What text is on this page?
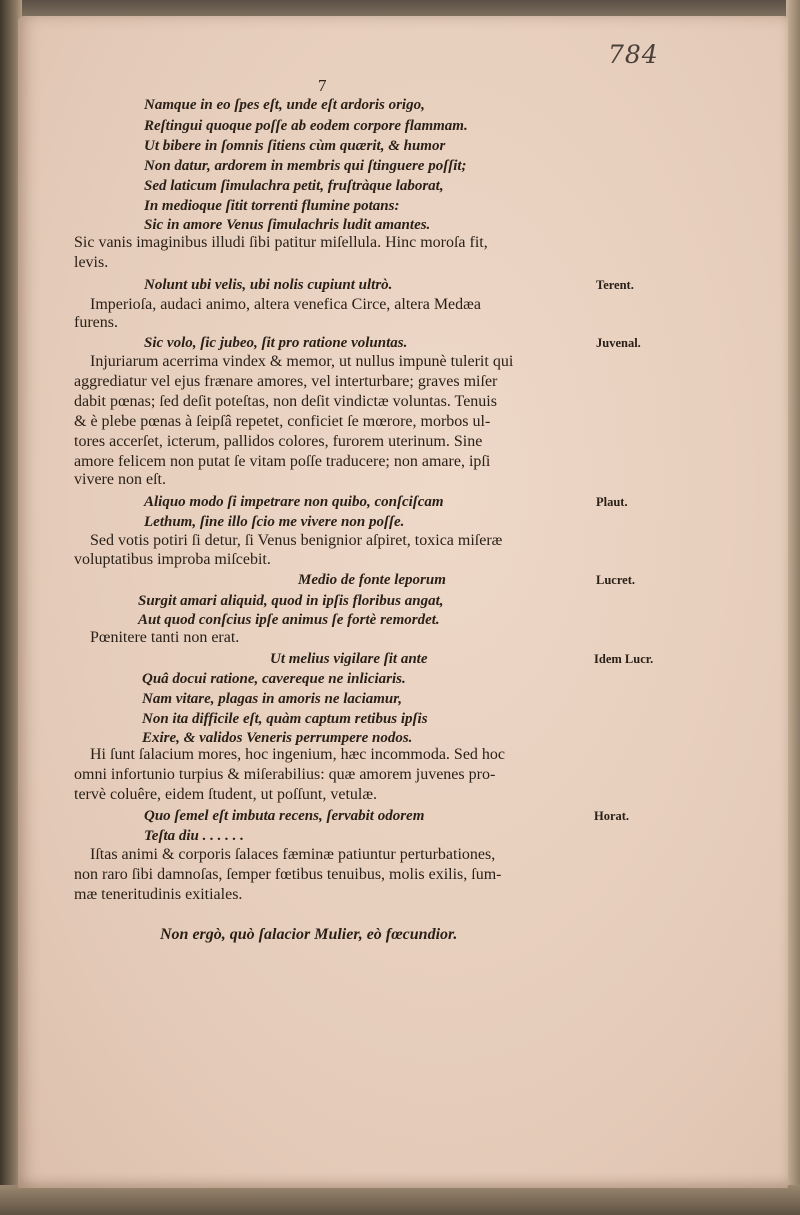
784
7
Namque in eo ſpes eſt, unde eſt ardoris origo,
Reſtingui quoque poſſe ab eodem corpore flammam.
Ut bibere in ſomnis ſitiens cùm quærit, & humor
Non datur, ardorem in membris qui ſtinguere poſſit;
Sed laticum ſimulachra petit, fruſtràque laborat,
In medioque ſitit torrenti flumine potans:
Sic in amore Venus ſimulachris ludit amantes.
Sic vanis imaginibus illudi ſibi patitur miſellula. Hinc moroſa fit,
levis.
Nolunt ubi velis, ubi nolis cupiunt ultrò.	Terent.
Imperioſa, audaci animo, altera venefica Circe, altera Medæa
furens.
Sic volo, ſic jubeo, ſit pro ratione voluntas.	Juvenal.
Injuriarum acerrima vindex & memor, ut nullus impunè tulerit qui
aggrediatur vel ejus frænare amores, vel interturbare; graves miſer
dabit pœnas; ſed deſit poteſtas, non deſit vindictæ voluntas. Tenuis
& è plebe pœnas à ſeipſâ repetet, conficiet ſe mœrore, morbos ul-
tores accerſet, icterum, pallidos colores, furorem uterinum. Sine
amore felicem non putat ſe vitam poſſe traducere; non amare, ipſi
vivere non eſt.
Aliquo modo ſi impetrare non quibo, conſciſcam	Plaut.
Lethum, ſine illo ſcio me vivere non poſſe.
Sed votis potiri ſi detur, ſi Venus benignior aſpiret, toxica miſeræ
voluptatibus improba miſcebit.
Medio de fonte leporum	Lucret.
Surgit amari aliquid, quod in ipſis floribus angat,
Aut quod conſcius ipſe animus ſe fortè remordet.
Pœnitere tanti non erat.
Ut melius vigilare ſit ante	Idem Lucr.
Quâ docui ratione, cavereque ne inliciaris.
Nam vitare, plagas in amoris ne laciamur,
Non ita difficile eſt, quàm captum retibus ipſis
Exire, & validos Veneris perrumpere nodos.
Hi ſunt ſalacium mores, hoc ingenium, hæc incommoda. Sed hoc
omni infortunio turpius & miſerabilius: quæ amorem juvenes pro-
tervè coluêre, eidem ſtudent, ut poſſunt, vetulæ.
Quo ſemel eſt imbuta recens, ſervabit odorem	Horat.
Teſta diu . . . . . .
Iſtas animi & corporis ſalaces fæminæ patiuntur perturbationes,
non raro ſibi damnoſas, ſemper fœtibus tenuibus, molis exilis, ſum-
mæ teneritudinis exitiales.
Non ergò, quò ſalacior Mulier, eò fœcundior.
